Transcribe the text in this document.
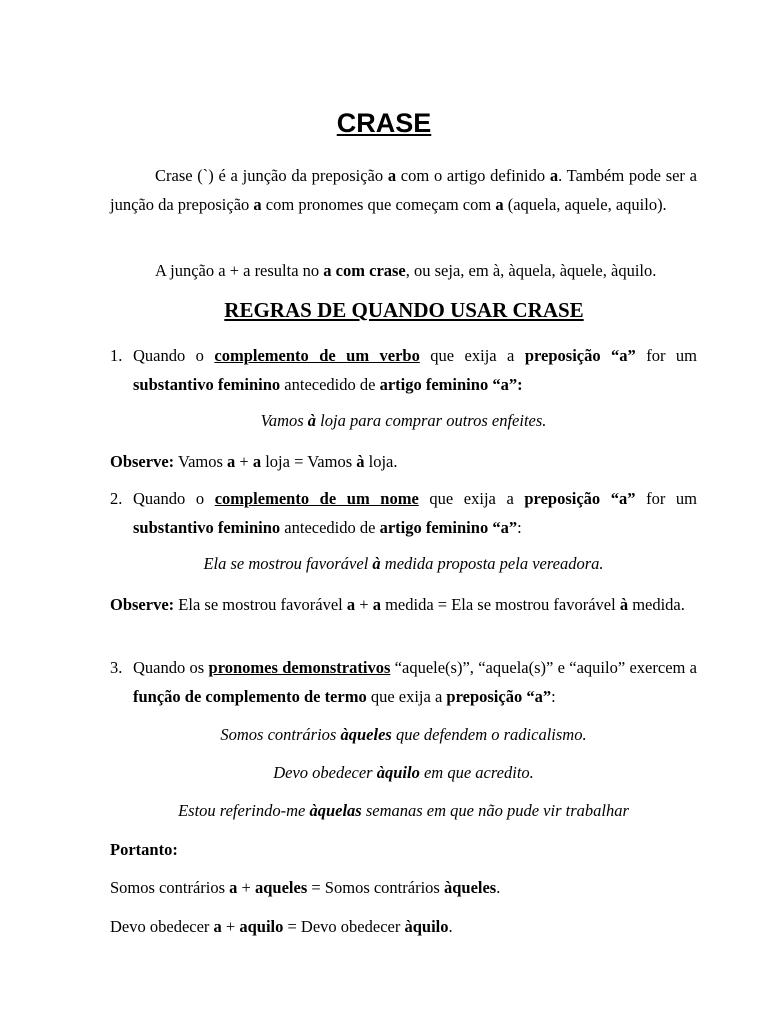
CRASE

Crase (`) é a junção da preposição a com o artigo definido a. Também pode ser a junção da preposição a com pronomes que começam com a (aquela, aquele, aquilo).

A junção a + a resulta no a com crase, ou seja, em à, àquela, àquele, àquilo.

REGRAS DE QUANDO USAR CRASE
1. Quando o complemento de um verbo que exija a preposição “a” for um substantivo feminino antecedido de artigo feminino “a”:
Vamos à loja para comprar outros enfeites.

Observe: Vamos a + a loja = Vamos à loja.

2. Quando o complemento de um nome que exija a preposição “a” for um substantivo feminino antecedido de artigo feminino “a”:
Ela se mostrou favorável à medida proposta pela vereadora.

Observe: Ela se mostrou favorável a + a medida = Ela se mostrou favorável à medida.

3. Quando os pronomes demonstrativos “aquele(s)”, “aquela(s)” e “aquilo” exercem a função de complemento de termo que exija a preposição “a”:
Somos contrários àqueles que defendem o radicalismo.
Devo obedecer àquilo em que acredito.
Estou referindo-me àquelas semanas em que não pude vir trabalhar

Portanto:

Somos contrários a + aqueles = Somos contrários àqueles.

Devo obedecer a + aquilo = Devo obedecer àquilo.
